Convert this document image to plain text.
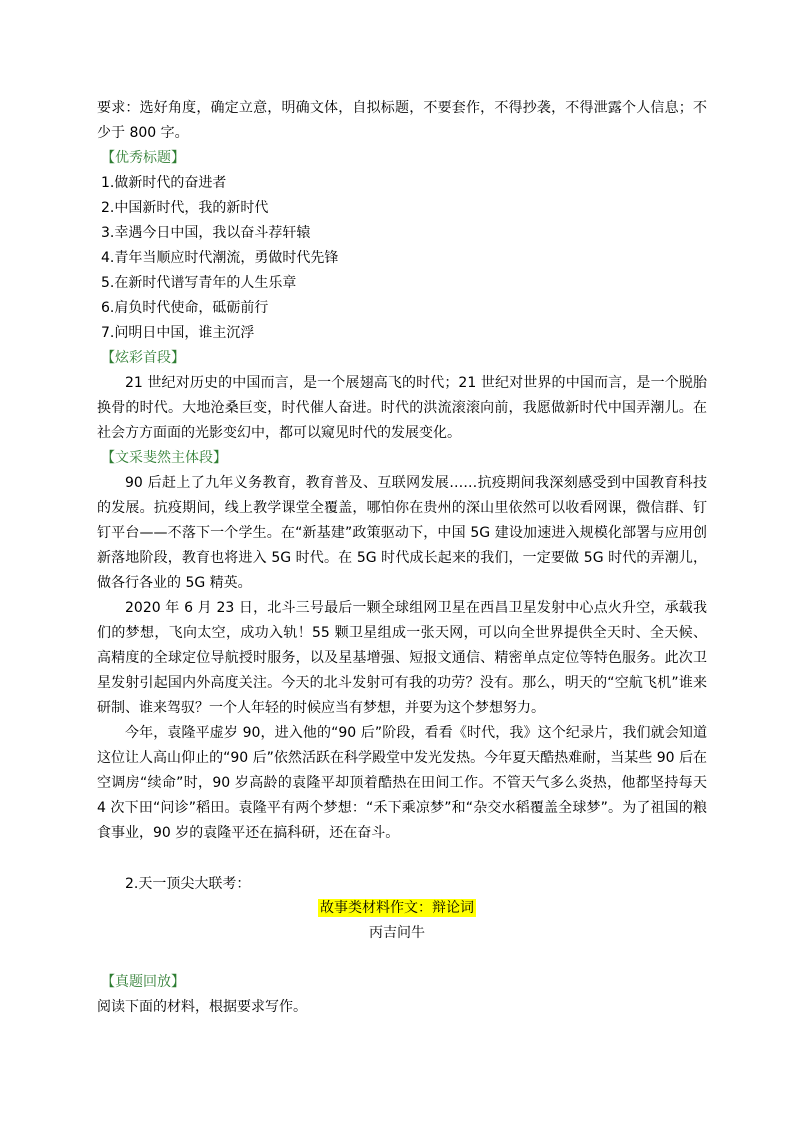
要求：选好角度，确定立意，明确文体，自拟标题，不要套作，不得抄袭，不得泄露个人信息；不少于 800 字。

【优秀标题】

1.做新时代的奋进者

2.中国新时代，我的新时代

3.幸遇今日中国，我以奋斗荐轩辕

4.青年当顺应时代潮流，勇做时代先锋

5.在新时代谱写青年的人生乐章

6.肩负时代使命，砥砺前行

7.问明日中国，谁主沉浮

【炫彩首段】

21 世纪对历史的中国而言，是一个展翅高飞的时代；21 世纪对世界的中国而言，是一个脱胎换骨的时代。大地沧桑巨变，时代催人奋进。时代的洪流滚滚向前，我愿做新时代中国弄潮儿。在社会方方面面的光影变幻中，都可以窥见时代的发展变化。

【文采斐然主体段】

90 后赶上了九年义务教育，教育普及、互联网发展……抗疫期间我深刻感受到中国教育科技的发展。抗疫期间，线上教学课堂全覆盖，哪怕你在贵州的深山里依然可以收看网课，微信群、钉钉平台——不落下一个学生。在“新基建”政策驱动下，中国 5G 建设加速进入规模化部署与应用创新落地阶段，教育也将进入 5G 时代。在 5G 时代成长起来的我们，一定要做 5G 时代的弄潮儿，做各行各业的 5G 精英。

2020 年 6 月 23 日，北斗三号最后一颗全球组网卫星在西昌卫星发射中心点火升空，承载我们的梦想，飞向太空，成功入轨！55 颗卫星组成一张天网，可以向全世界提供全天时、全天候、高精度的全球定位导航授时服务，以及星基增强、短报文通信、精密单点定位等特色服务。此次卫星发射引起国内外高度关注。今天的北斗发射可有我的功劳？没有。那么，明天的“空航飞机”谁来研制、谁来驾驭？一个人年轻的时候应当有梦想，并要为这个梦想努力。

今年，袁隆平虚岁 90，进入他的“90 后”阶段，看看《时代，我》这个纪录片，我们就会知道这位让人高山仰止的“90 后”依然活跃在科学殿堂中发光发热。今年夏天酷热难耐，当某些 90 后在空调房“续命”时，90 岁高龄的袁隆平却顶着酷热在田间工作。不管天气多么炎热，他都坚持每天 4 次下田“问诊”稻田。袁隆平有两个梦想：“禾下乘凉梦”和“杂交水稻覆盖全球梦”。为了祖国的粮食事业，90 岁的袁隆平还在搞科研，还在奋斗。

2.天一顶尖大联考：

故事类材料作文：辩论词
丙吉问牛

【真题回放】

阅读下面的材料，根据要求写作。
